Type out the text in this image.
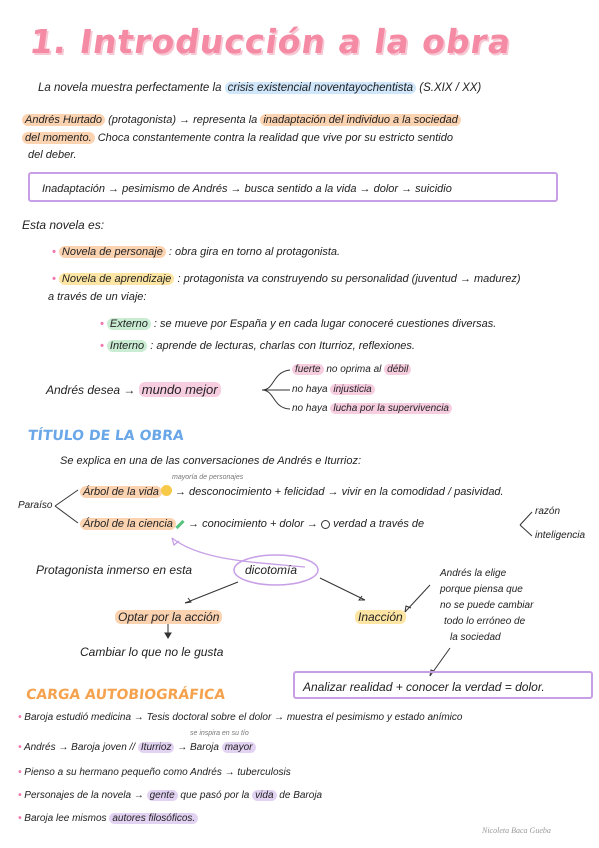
1. Introducción a la obra
La novela muestra perfectamente la crisis existencial noventayochentista (S.XIX / XX)
Andrés Hurtado (protagonista) → representa la inadaptación del individuo a la sociedad
del momento. Choca constantemente contra la realidad que vive por su estricto sentido
del deber.
Inadaptación → pesimismo de Andrés → busca sentido a la vida → dolor → suicidio
Esta novela es:
• Novela de personaje : obra gira en torno al protagonista.
• Novela de aprendizaje : protagonista va construyendo su personalidad (juventud → madurez)
a través de un viaje:
• Externo : se mueve por España y en cada lugar conoceré cuestiones diversas.
• Interno : aprende de lecturas, charlas con Iturrioz, reflexiones.
Andrés desea → mundo mejor
fuerte no oprima al débil
no haya injusticia
no haya lucha por la supervivencia
TÍTULO DE LA OBRA
Se explica en una de las conversaciones de Andrés e Iturrioz:
mayoría de personajes
Paraíso
Árbol de la vida → desconocimiento + felicidad → vivir en la comodidad / pasividad.
Árbol de la ciencia → conocimiento + dolor → verdad a través de
razón
inteligencia
Protagonista inmerso en esta	dicotomía
Optar por la acción
Cambiar lo que no le gusta
Inacción
Andrés la elige
porque piensa que
no se puede cambiar
todo lo erróneo de
la sociedad
Analizar realidad + conocer la verdad = dolor.
CARGA AUTOBIOGRÁFICA
• Baroja estudió medicina → Tesis doctoral sobre el dolor → muestra el pesimismo y estado anímico
se inspira en su tío
• Andrés → Baroja joven // Iturrioz → Baroja mayor
• Pienso a su hermano pequeño como Andrés → tuberculosis
• Personajes de la novela → gente que pasó por la vida de Baroja
• Baroja lee mismos autores filosóficos.
Nicoleta Baca Gueba
